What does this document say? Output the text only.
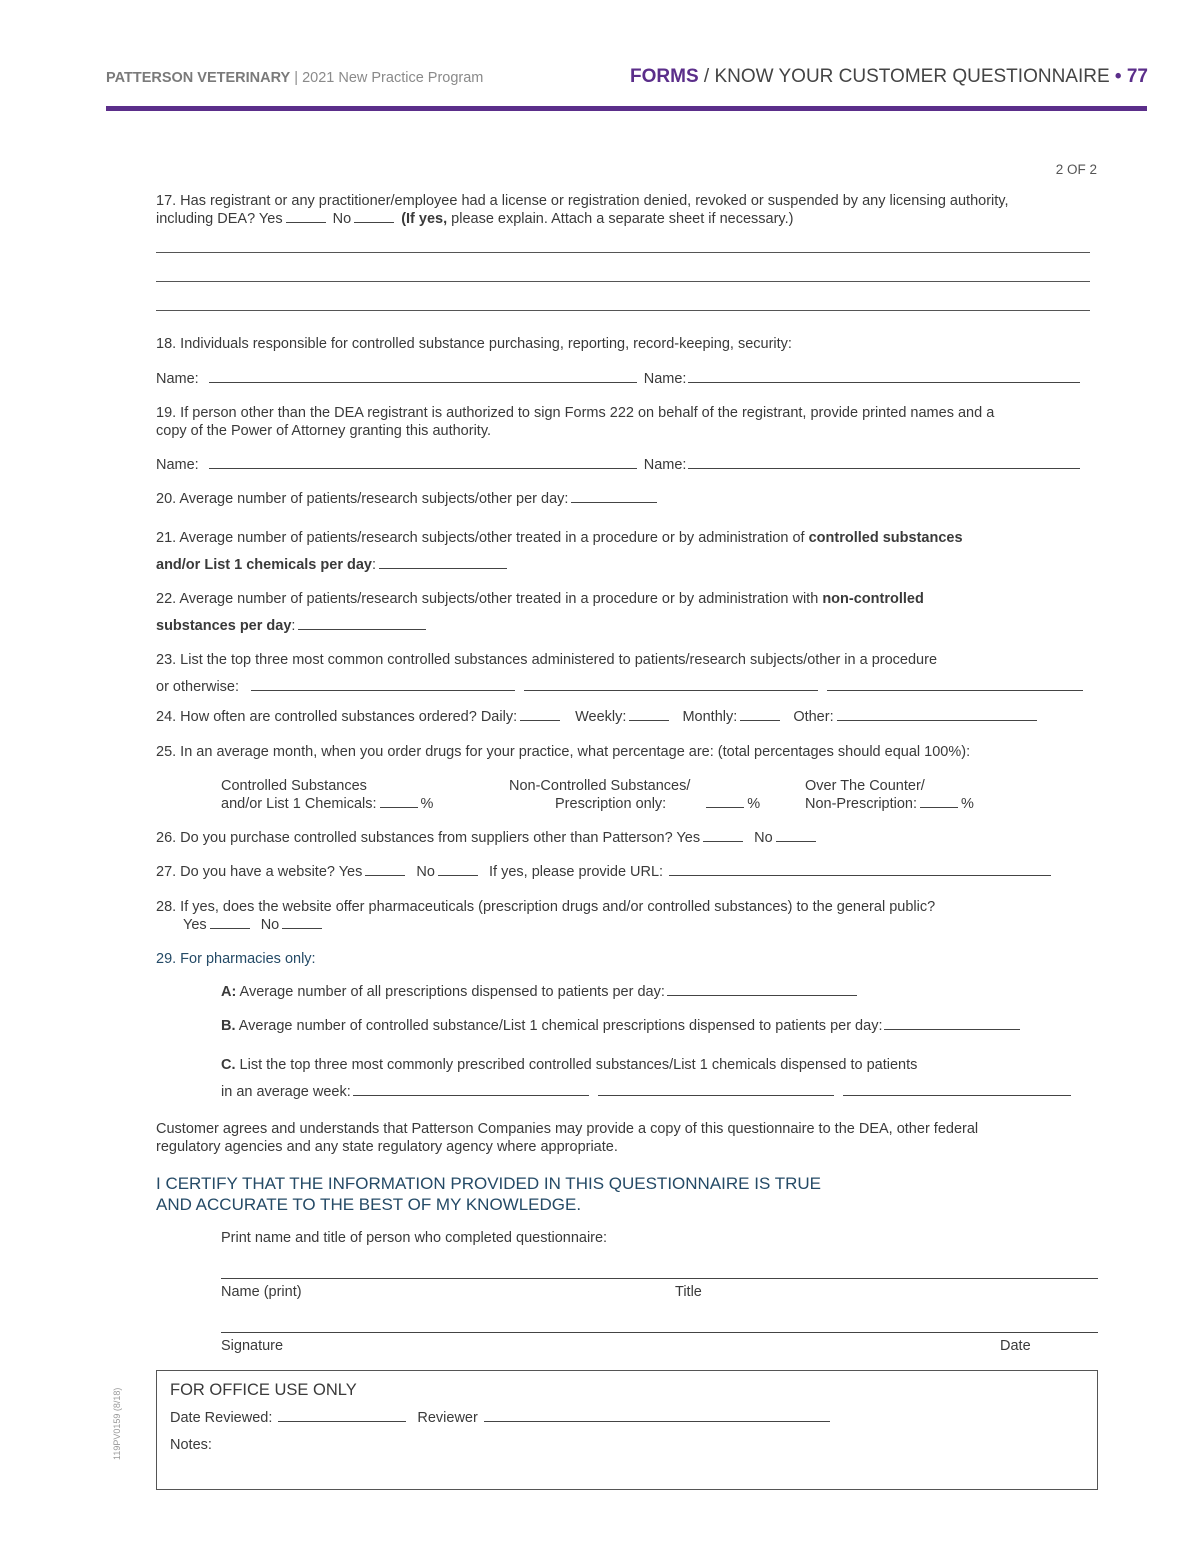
PATTERSON VETERINARY | 2021 New Practice Program	FORMS / KNOW YOUR CUSTOMER QUESTIONNAIRE • 77
2 OF 2
17. Has registrant or any practitioner/employee had a license or registration denied, revoked or suspended by any licensing authority,
including DEA? Yes	No	(If yes, please explain. Attach a separate sheet if necessary.)
18. Individuals responsible for controlled substance purchasing, reporting, record-keeping, security:
Name:	Name:
19. If person other than the DEA registrant is authorized to sign Forms 222 on behalf of the registrant, provide printed names and a
copy of the Power of Attorney granting this authority.
Name:	Name:
20. Average number of patients/research subjects/other per day:
21. Average number of patients/research subjects/other treated in a procedure or by administration of controlled substances
and/or List 1 chemicals per day:
22. Average number of patients/research subjects/other treated in a procedure or by administration with non-controlled
substances per day:
23. List the top three most common controlled substances administered to patients/research subjects/other in a procedure
or otherwise:
24. How often are controlled substances ordered? Daily:	Weekly:	Monthly:	Other:
25. In an average month, when you order drugs for your practice, what percentage are: (total percentages should equal 100%):
Controlled Substances
and/or List 1 Chemicals:	%
Non-Controlled Substances/
Prescription only:	%
Over The Counter/
Non-Prescription:	%
26. Do you purchase controlled substances from suppliers other than Patterson? Yes	No
27. Do you have a website? Yes	No	If yes, please provide URL:
28. If yes, does the website offer pharmaceuticals (prescription drugs and/or controlled substances) to the general public?
Yes	No
29. For pharmacies only:
A: Average number of all prescriptions dispensed to patients per day:
B. Average number of controlled substance/List 1 chemical prescriptions dispensed to patients per day:
C. List the top three most commonly prescribed controlled substances/List 1 chemicals dispensed to patients
in an average week:
Customer agrees and understands that Patterson Companies may provide a copy of this questionnaire to the DEA, other federal
regulatory agencies and any state regulatory agency where appropriate.
I CERTIFY THAT THE INFORMATION PROVIDED IN THIS QUESTIONNAIRE IS TRUE
AND ACCURATE TO THE BEST OF MY KNOWLEDGE.
Print name and title of person who completed questionnaire:
Name (print)	Title
Signature	Date
FOR OFFICE USE ONLY
Date Reviewed:	Reviewer
Notes:
119PV0159 (8/18)
